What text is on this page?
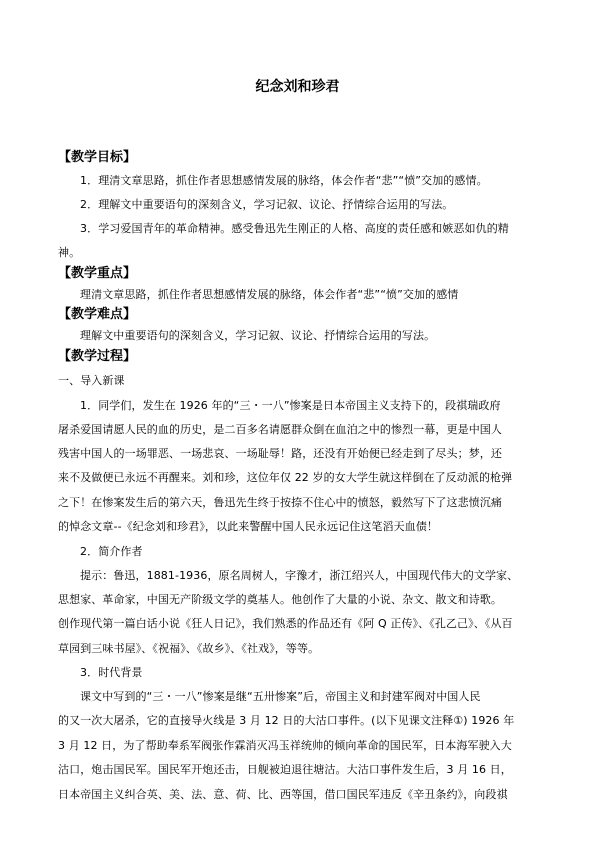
纪念刘和珍君
【教学目标】
1．理清文章思路，抓住作者思想感情发展的脉络，体会作者“悲”“愤”交加的感情。
2．理解文中重要语句的深刻含义，学习记叙、议论、抒情综合运用的写法。
3．学习爱国青年的革命精神。感受鲁迅先生刚正的人格、高度的责任感和嫉恶如仇的精
神。
【教学重点】
理清文章思路，抓住作者思想感情发展的脉络，体会作者“悲”“愤”交加的感情
【教学难点】
理解文中重要语句的深刻含义，学习记叙、议论、抒情综合运用的写法。
【教学过程】
一、导入新课
1．同学们，发生在 1926 年的“三・一八”惨案是日本帝国主义支持下的，段祺瑞政府
屠杀爱国请愿人民的血的历史，是二百多名请愿群众倒在血泊之中的惨烈一幕，更是中国人
残害中国人的一场罪恶、一场悲哀、一场耻辱！路，还没有开始便已经走到了尽头；梦，还
来不及做便已永远不再醒来。刘和珍，这位年仅 22 岁的女大学生就这样倒在了反动派的枪弹
之下！在惨案发生后的第六天，鲁迅先生终于按捺不住心中的愤怒，毅然写下了这悲愤沉痛
的悼念文章--《纪念刘和珍君》，以此来警醒中国人民永远记住这笔滔天血债！
2．简介作者
提示：鲁迅，1881-1936，原名周树人，字豫才，浙江绍兴人，中国现代伟大的文学家、
思想家、革命家，中国无产阶级文学的奠基人。他创作了大量的小说、杂文、散文和诗歌。
创作现代第一篇白话小说《狂人日记》，我们熟悉的作品还有《阿 Q 正传》、《孔乙己》、《从百
草园到三味书屋》、《祝福》、《故乡》、《社戏》，等等。
3．时代背景
课文中写到的“三・一八”惨案是继“五卅惨案”后，帝国主义和封建军阀对中国人民
的又一次大屠杀，它的直接导火线是 3 月 12 日的大沽口事件。(以下见课文注释①) 1926 年
3 月 12 日，为了帮助奉系军阀张作霖消灭冯玉祥统帅的倾向革命的国民军，日本海军驶入大
沽口，炮击国民军。国民军开炮还击，日舰被迫退往塘沽。大沽口事件发生后，3 月 16 日，
日本帝国主义纠合英、美、法、意、荷、比、西等国，借口国民军违反《辛丑条约》，向段祺
